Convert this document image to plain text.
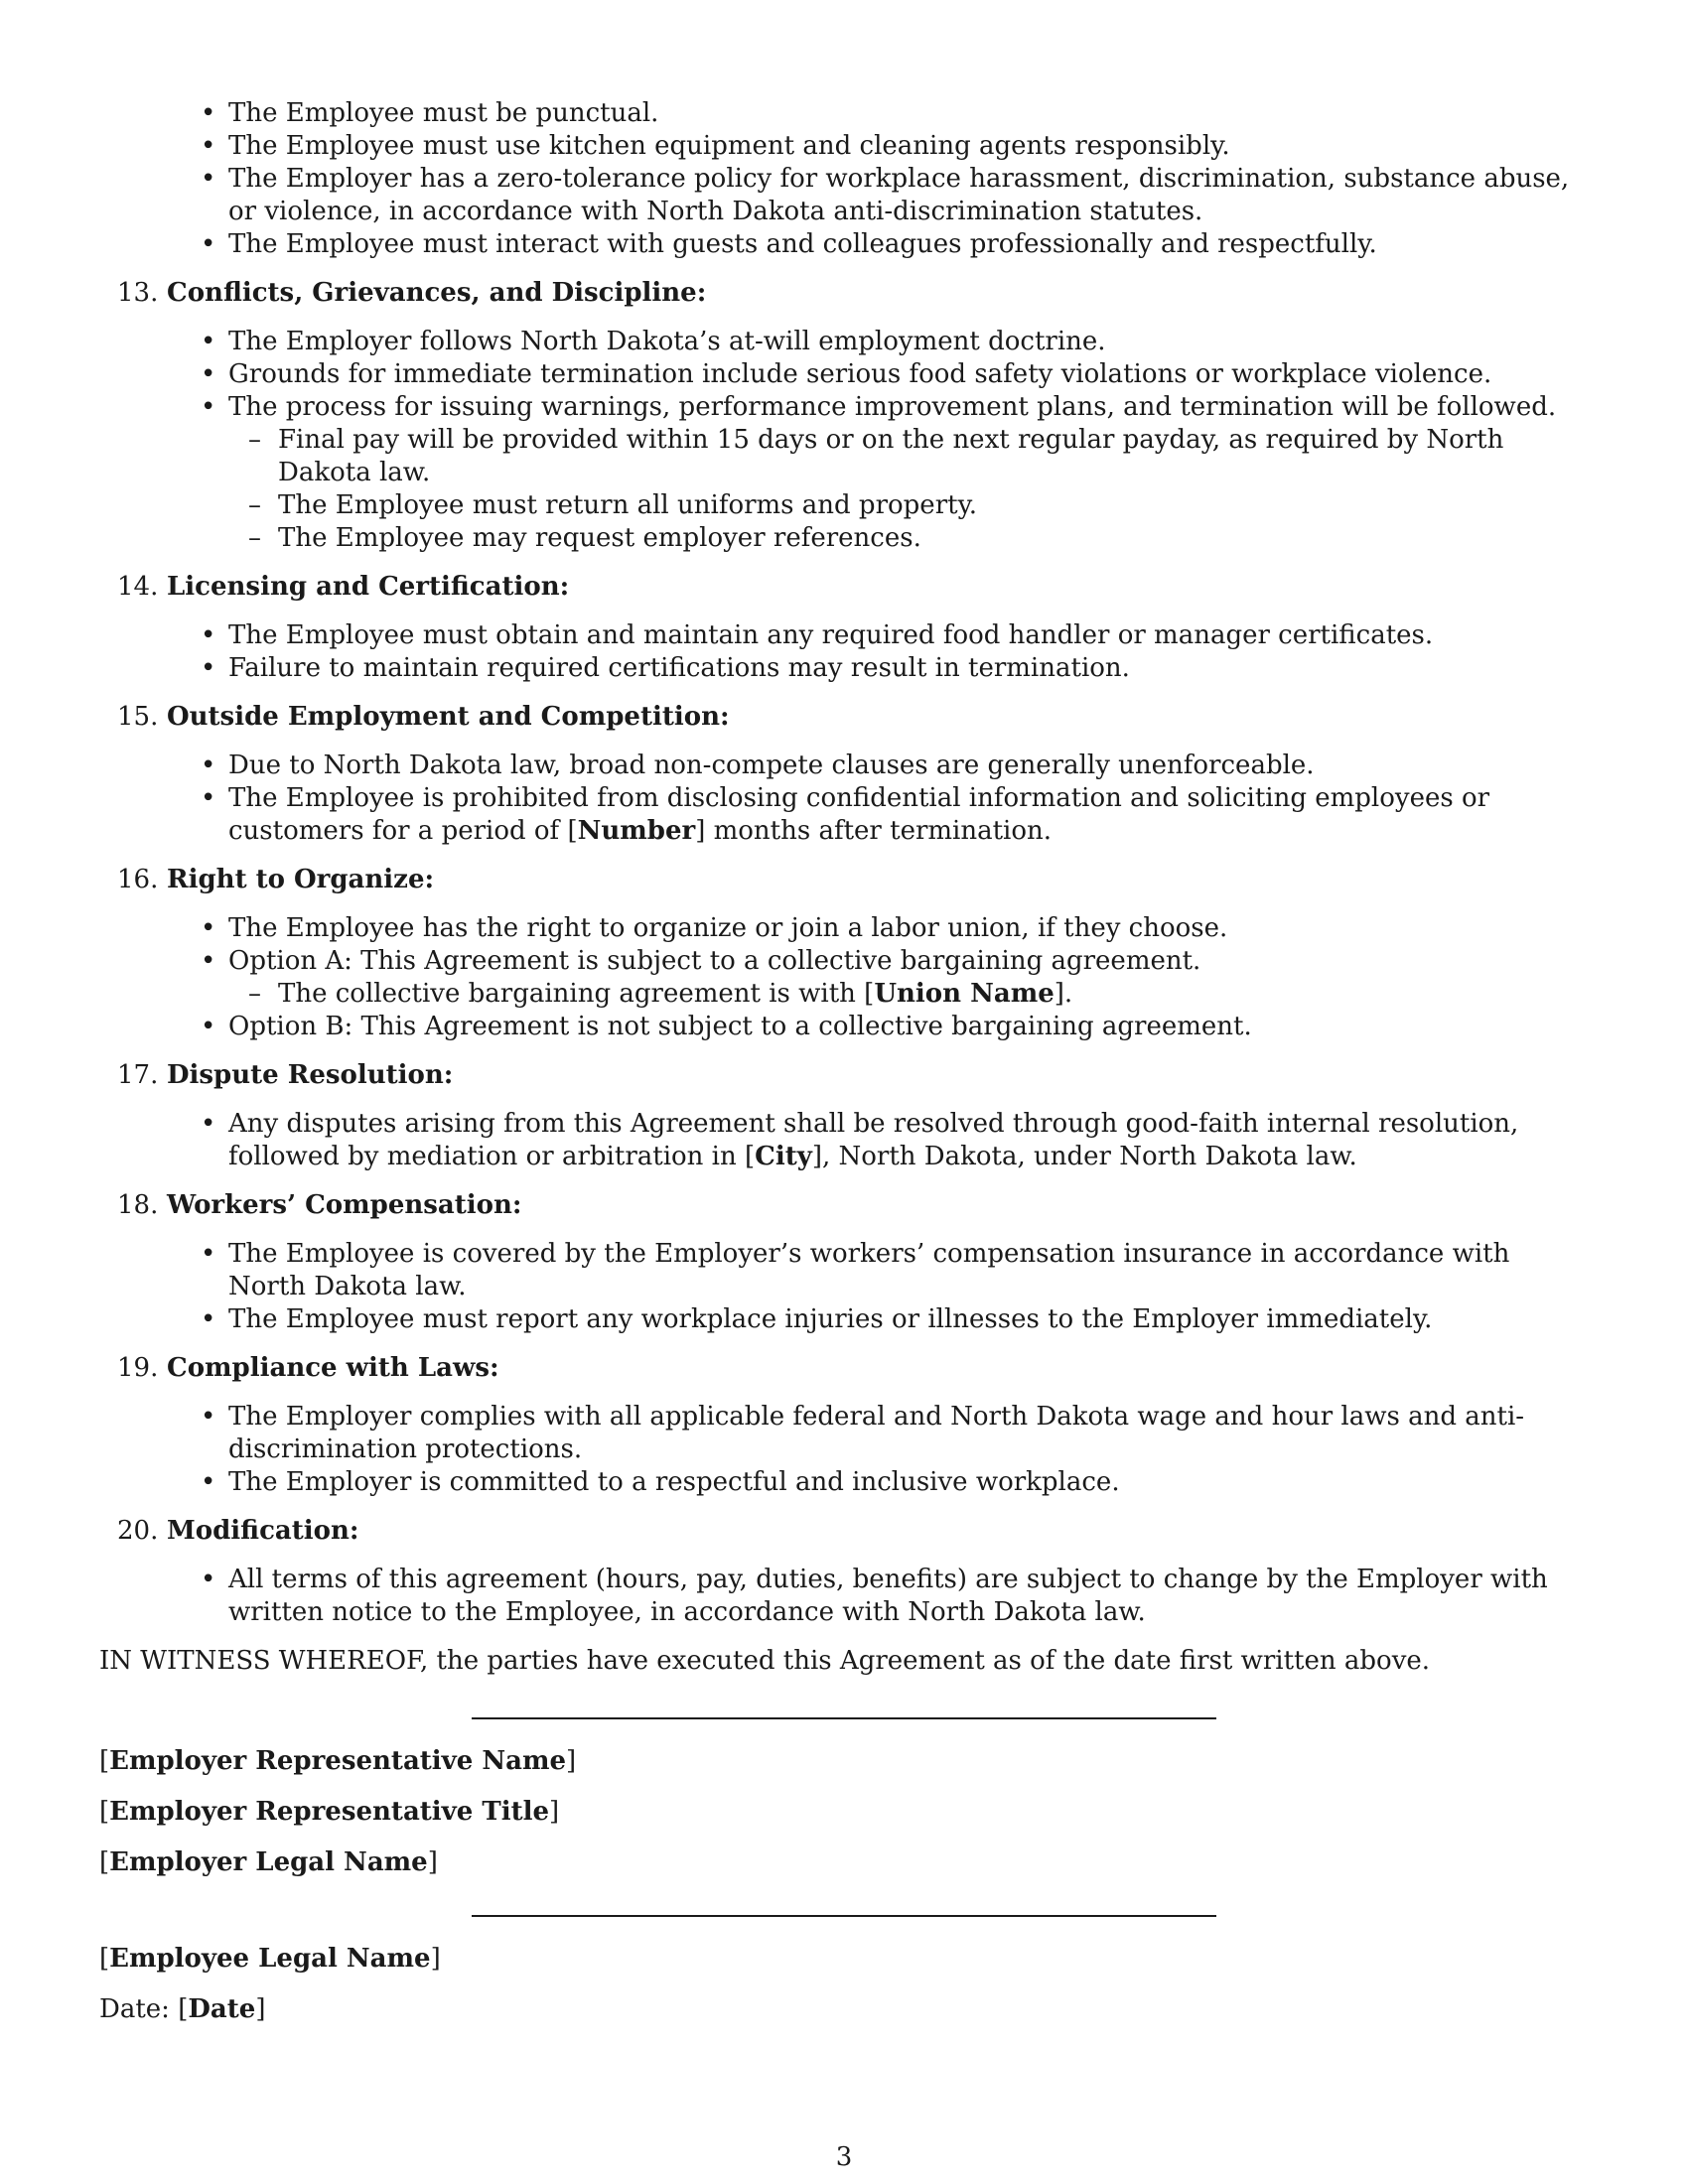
• The Employee must be punctual.
• The Employee must use kitchen equipment and cleaning agents responsibly.
• The Employer has a zero-tolerance policy for workplace harassment, discrimination, substance abuse, or violence, in accordance with North Dakota anti-discrimination statutes.
• The Employee must interact with guests and colleagues professionally and respectfully.
13. Conflicts, Grievances, and Discipline:
• The Employer follows North Dakota’s at-will employment doctrine.
• Grounds for immediate termination include serious food safety violations or workplace violence.
• The process for issuing warnings, performance improvement plans, and termination will be followed.
– Final pay will be provided within 15 days or on the next regular payday, as required by North Dakota law.
– The Employee must return all uniforms and property.
– The Employee may request employer references.
14. Licensing and Certification:
• The Employee must obtain and maintain any required food handler or manager certificates.
• Failure to maintain required certifications may result in termination.
15. Outside Employment and Competition:
• Due to North Dakota law, broad non-compete clauses are generally unenforceable.
• The Employee is prohibited from disclosing confidential information and soliciting employees or customers for a period of [Number] months after termination.
16. Right to Organize:
• The Employee has the right to organize or join a labor union, if they choose.
• Option A: This Agreement is subject to a collective bargaining agreement.
– The collective bargaining agreement is with [Union Name].
• Option B: This Agreement is not subject to a collective bargaining agreement.
17. Dispute Resolution:
• Any disputes arising from this Agreement shall be resolved through good-faith internal resolution, followed by mediation or arbitration in [City], North Dakota, under North Dakota law.
18. Workers’ Compensation:
• The Employee is covered by the Employer’s workers’ compensation insurance in accordance with North Dakota law.
• The Employee must report any workplace injuries or illnesses to the Employer immediately.
19. Compliance with Laws:
• The Employer complies with all applicable federal and North Dakota wage and hour laws and anti-discrimination protections.
• The Employer is committed to a respectful and inclusive workplace.
20. Modification:
• All terms of this agreement (hours, pay, duties, benefits) are subject to change by the Employer with written notice to the Employee, in accordance with North Dakota law.
IN WITNESS WHEREOF, the parties have executed this Agreement as of the date first written above.
[Employer Representative Name]
[Employer Representative Title]
[Employer Legal Name]
[Employee Legal Name]
Date: [Date]
3
